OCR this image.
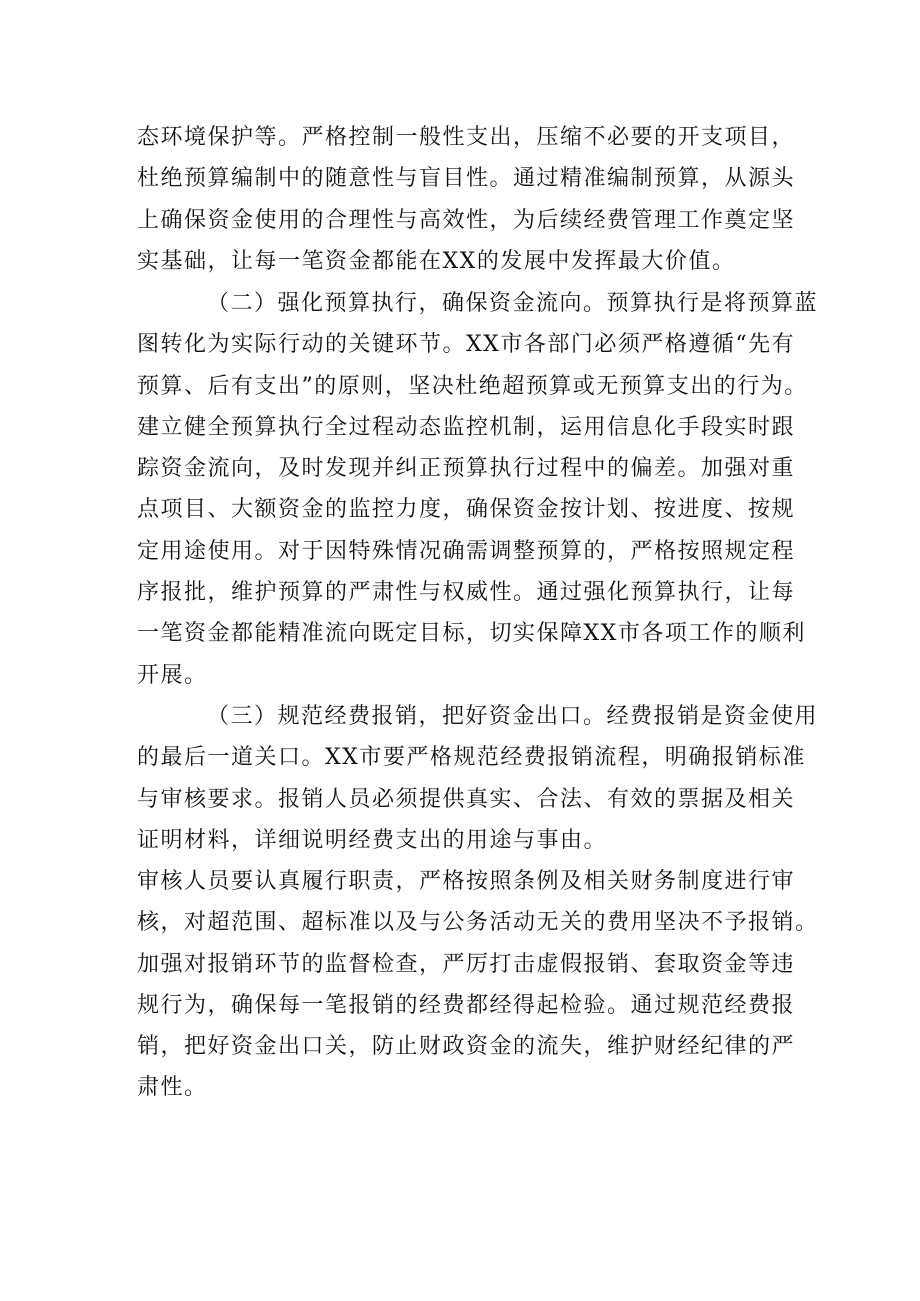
态环境保护等。严格控制一般性支出，压缩不必要的开支项目，
杜绝预算编制中的随意性与盲目性。通过精准编制预算，从源头
上确保资金使用的合理性与高效性，为后续经费管理工作奠定坚
实基础，让每一笔资金都能在XX的发展中发挥最大价值。
（二）强化预算执行，确保资金流向。预算执行是将预算蓝
图转化为实际行动的关键环节。XX市各部门必须严格遵循“先有
预算、后有支出”的原则，坚决杜绝超预算或无预算支出的行为。
建立健全预算执行全过程动态监控机制，运用信息化手段实时跟
踪资金流向，及时发现并纠正预算执行过程中的偏差。加强对重
点项目、大额资金的监控力度，确保资金按计划、按进度、按规
定用途使用。对于因特殊情况确需调整预算的，严格按照规定程
序报批，维护预算的严肃性与权威性。通过强化预算执行，让每
一笔资金都能精准流向既定目标，切实保障XX市各项工作的顺利
开展。
（三）规范经费报销，把好资金出口。经费报销是资金使用
的最后一道关口。XX市要严格规范经费报销流程，明确报销标准
与审核要求。报销人员必须提供真实、合法、有效的票据及相关
证明材料，详细说明经费支出的用途与事由。
审核人员要认真履行职责，严格按照条例及相关财务制度进行审
核，对超范围、超标准以及与公务活动无关的费用坚决不予报销。
加强对报销环节的监督检查，严厉打击虚假报销、套取资金等违
规行为，确保每一笔报销的经费都经得起检验。通过规范经费报
销，把好资金出口关，防止财政资金的流失，维护财经纪律的严
肃性。
